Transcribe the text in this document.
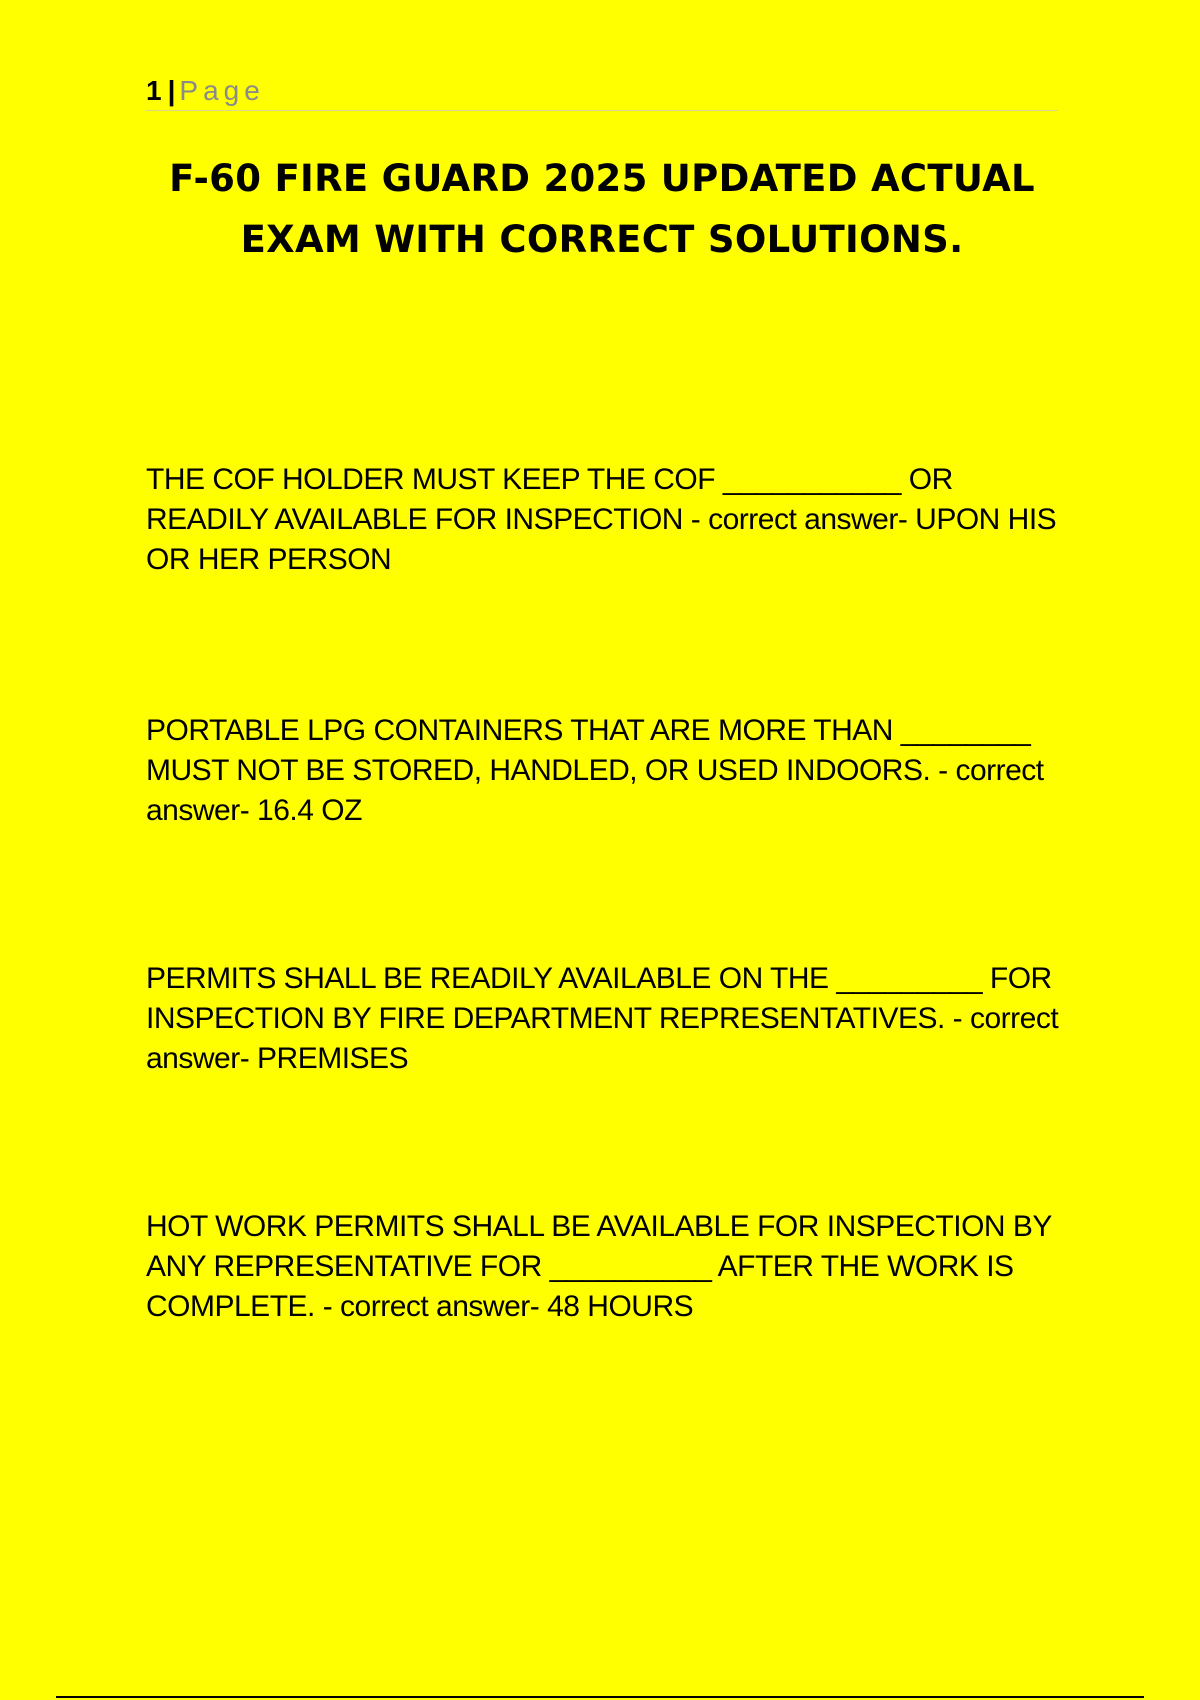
1 | Page
F-60 FIRE GUARD 2025 UPDATED ACTUAL EXAM WITH CORRECT SOLUTIONS.

THE COF HOLDER MUST KEEP THE COF ___________ OR READILY AVAILABLE FOR INSPECTION - correct answer- UPON HIS OR HER PERSON

PORTABLE LPG CONTAINERS THAT ARE MORE THAN ________ MUST NOT BE STORED, HANDLED, OR USED INDOORS. - correct answer- 16.4 OZ

PERMITS SHALL BE READILY AVAILABLE ON THE _________ FOR INSPECTION BY FIRE DEPARTMENT REPRESENTATIVES. - correct answer- PREMISES

HOT WORK PERMITS SHALL BE AVAILABLE FOR INSPECTION BY ANY REPRESENTATIVE FOR __________ AFTER THE WORK IS COMPLETE. - correct answer- 48 HOURS
